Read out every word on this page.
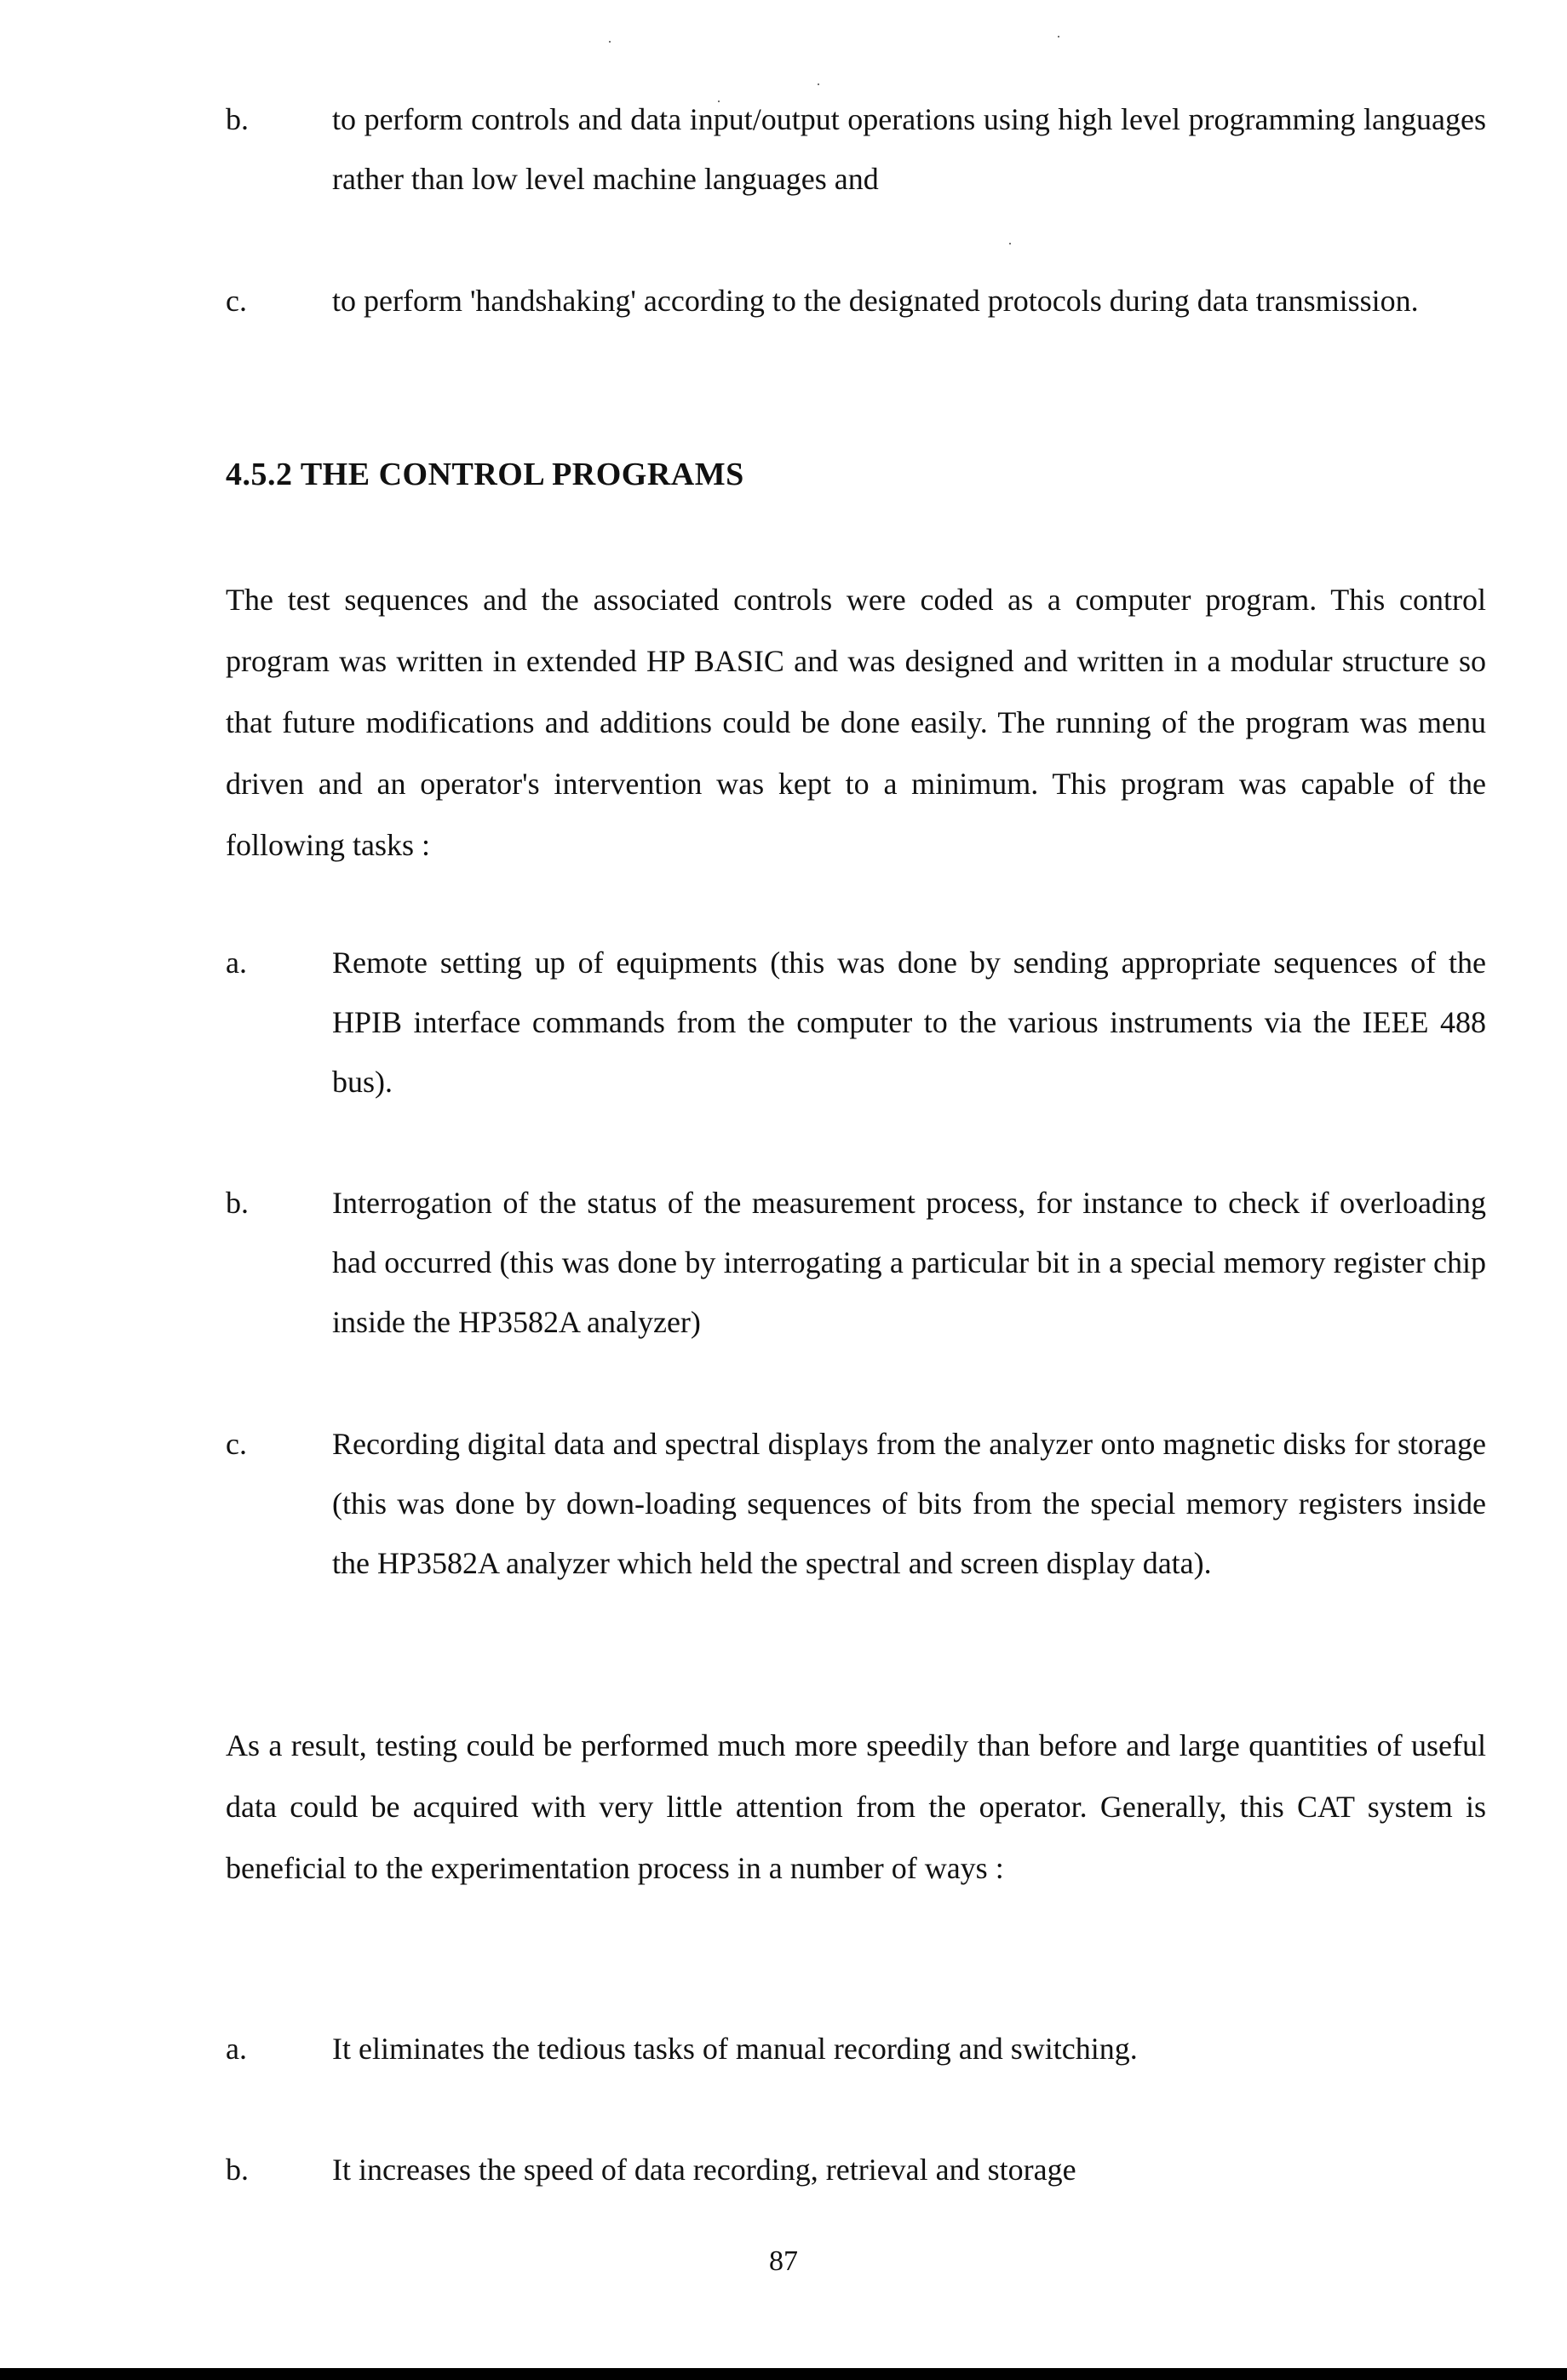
b.	to perform controls and data input/output operations using high level programming languages rather than low level machine languages and
c.	to perform 'handshaking' according to the designated protocols during data transmission.
4.5.2 THE CONTROL PROGRAMS
The test sequences and the associated controls were coded as a computer program. This control program was written in extended HP BASIC and was designed and written in a modular structure so that future modifications and additions could be done easily. The running of the program was menu driven and an operator's intervention was kept to a minimum. This program was capable of the following tasks :
a.	Remote setting up of equipments (this was done by sending appropriate sequences of the HPIB interface commands from the computer to the various instruments via the IEEE 488 bus).
b.	Interrogation of the status of the measurement process, for instance to check if overloading had occurred (this was done by interrogating a particular bit in a special memory register chip inside the HP3582A analyzer)
c.	Recording digital data and spectral displays from the analyzer onto magnetic disks for storage (this was done by down-loading sequences of bits from the special memory registers inside the HP3582A analyzer which held the spectral and screen display data).
As a result, testing could be performed much more speedily than before and large quantities of useful data could be acquired with very little attention from the operator. Generally, this CAT system is beneficial to the experimentation process in a number of ways :
a.	It eliminates the tedious tasks of manual recording and switching.
b.	It increases the speed of data recording, retrieval and storage
87
